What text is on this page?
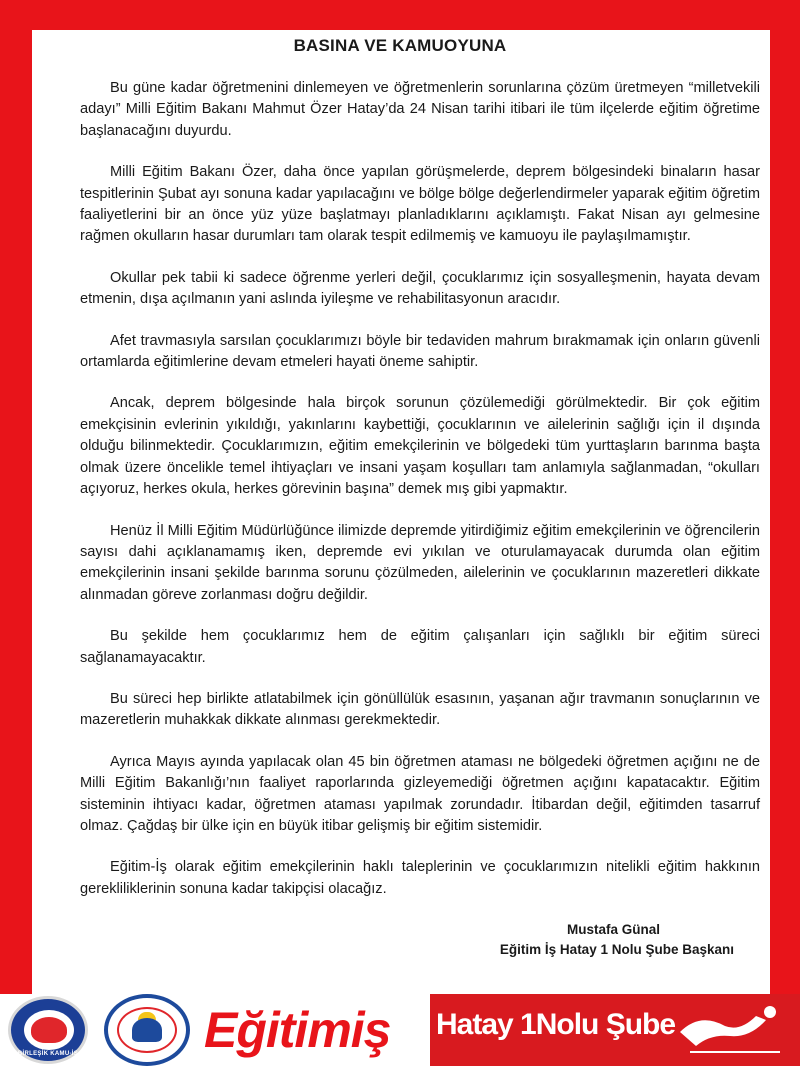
BASINA VE KAMUOYUNA

Bu güne kadar öğretmenini dinlemeyen ve öğretmenlerin sorunlarına çözüm üretmeyen “milletvekili adayı” Milli Eğitim Bakanı Mahmut Özer Hatay’da 24 Nisan tarihi itibari ile tüm ilçelerde eğitim öğretime başlanacağını duyurdu.

Milli Eğitim Bakanı Özer, daha önce yapılan görüşmelerde, deprem bölgesindeki binaların hasar tespitlerinin Şubat ayı sonuna kadar yapılacağını ve bölge bölge değerlendirmeler yaparak eğitim öğretim faaliyetlerini bir an önce yüz yüze başlatmayı planladıklarını açıklamıştı. Fakat Nisan ayı gelmesine rağmen okulların hasar durumları tam olarak tespit edilmemiş ve kamuoyu ile paylaşılmamıştır.

Okullar pek tabii ki sadece öğrenme yerleri değil, çocuklarımız için sosyalleşmenin, hayata devam etmenin, dışa açılmanın yani aslında iyileşme ve rehabilitasyonun aracıdır.

Afet travmasıyla sarsılan çocuklarımızı böyle bir tedaviden mahrum bırakmamak için onların güvenli ortamlarda eğitimlerine devam etmeleri hayati öneme sahiptir.

Ancak, deprem bölgesinde hala birçok sorunun çözülemediği görülmektedir. Bir çok eğitim emekçisinin evlerinin yıkıldığı, yakınlarını kaybettiği, çocuklarının ve ailelerinin sağlığı için il dışında olduğu bilinmektedir. Çocuklarımızın, eğitim emekçilerinin ve bölgedeki tüm yurttaşların barınma başta olmak üzere öncelikle temel ihtiyaçları ve insani yaşam koşulları tam anlamıyla sağlanmadan, “okulları açıyoruz, herkes okula, herkes görevinin başına” demek mış gibi yapmaktır.

Henüz İl Milli Eğitim Müdürlüğünce ilimizde depremde yitirdiğimiz eğitim emekçilerinin ve öğrencilerin sayısı dahi açıklanamamış iken, depremde evi yıkılan ve oturulamayacak durumda olan eğitim emekçilerinin insani şekilde barınma sorunu çözülmeden, ailelerinin ve çocuklarının mazeretleri dikkate alınmadan göreve zorlanması doğru değildir.

Bu şekilde hem çocuklarımız hem de eğitim çalışanları için sağlıklı bir eğitim süreci sağlanamayacaktır.

Bu süreci hep birlikte atlatabilmek için gönüllülük esasının, yaşanan ağır travmanın sonuçlarının ve mazeretlerin muhakkak dikkate alınması gerekmektedir.

Ayrıca Mayıs ayında yapılacak olan 45 bin öğretmen ataması ne bölgedeki öğretmen açığını ne de Milli Eğitim Bakanlığı’nın faaliyet raporlarında gizleyemediği öğretmen açığını kapatacaktır. Eğitim sisteminin ihtiyacı kadar, öğretmen ataması yapılmak zorundadır. İtibardan değil, eğitimden tasarruf olmaz. Çağdaş bir ülke için en büyük itibar gelişmiş bir eğitim sistemidir.

Eğitim-İş olarak eğitim emekçilerinin haklı taleplerinin ve çocuklarımızın nitelikli eğitim hakkının gerekliliklerinin sonuna kadar takipçisi olacağız.

Mustafa Günal
Eğitim İş Hatay 1 Nolu Şube Başkanı
BİRLEŞİK KAMU-İŞ	Eğitimiş	Hatay 1Nolu Şube
